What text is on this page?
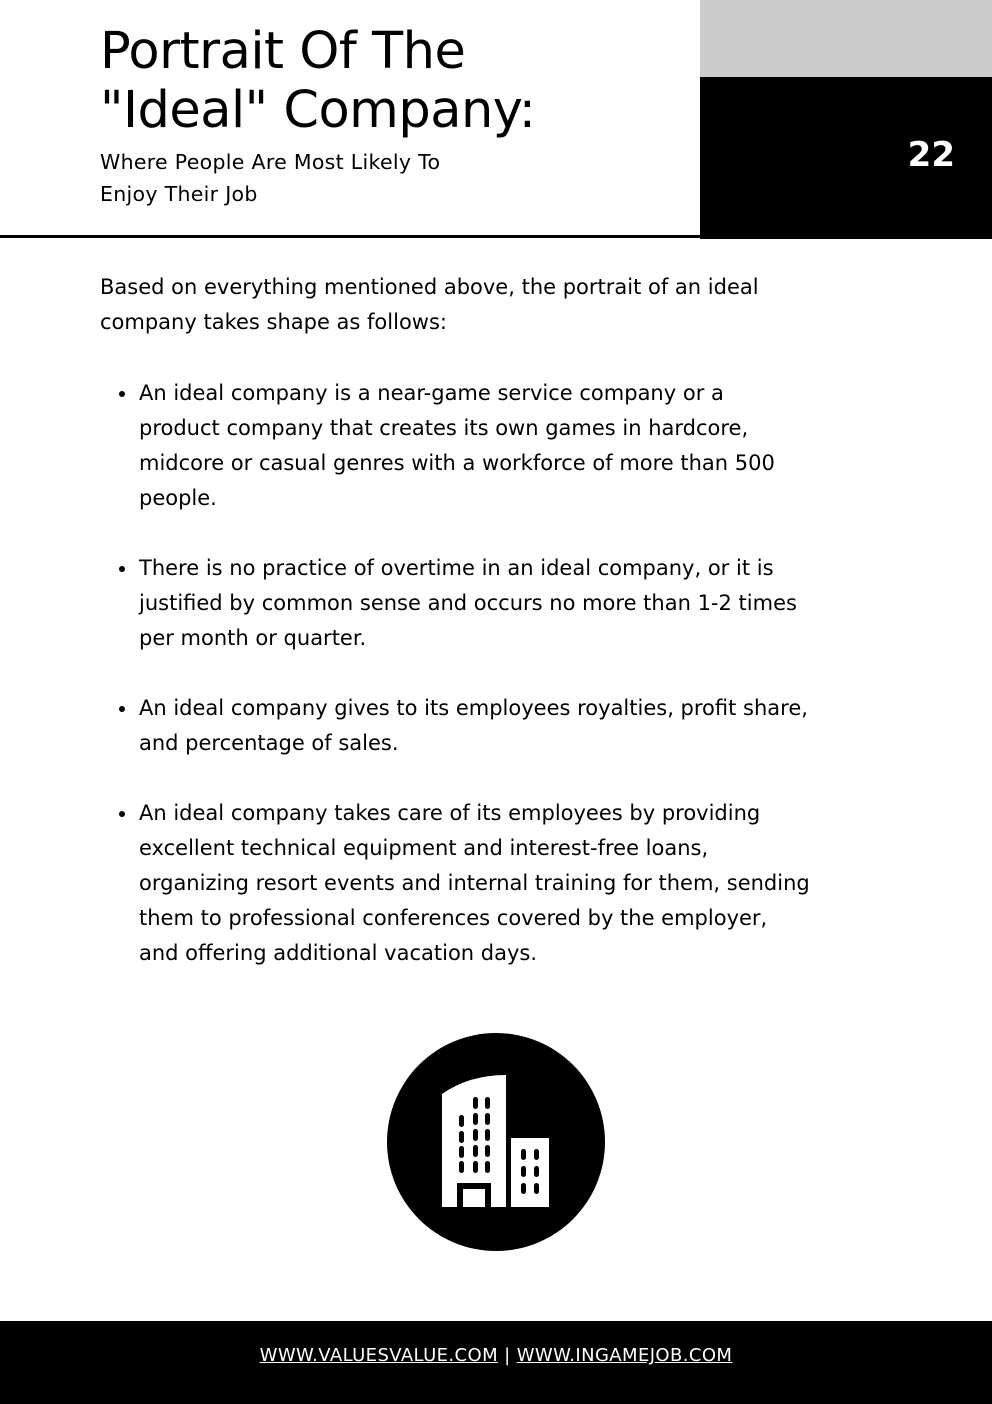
Portrait Of The
"Ideal" Company:

Where People Are Most Likely To
Enjoy Their Job

22

Based on everything mentioned above, the portrait of an ideal
company takes shape as follows:

An ideal company is a near-game service company or a
product company that creates its own games in hardcore,
midcore or casual genres with a workforce of more than 500
people.
There is no practice of overtime in an ideal company, or it is
justified by common sense and occurs no more than 1-2 times
per month or quarter.
An ideal company gives to its employees royalties, profit share,
and percentage of sales.
An ideal company takes care of its employees by providing
excellent technical equipment and interest-free loans,
organizing resort events and internal training for them, sending
them to professional conferences covered by the employer,
and offering additional vacation days.
WWW.VALUESVALUE.COM | WWW.INGAMEJOB.COM
